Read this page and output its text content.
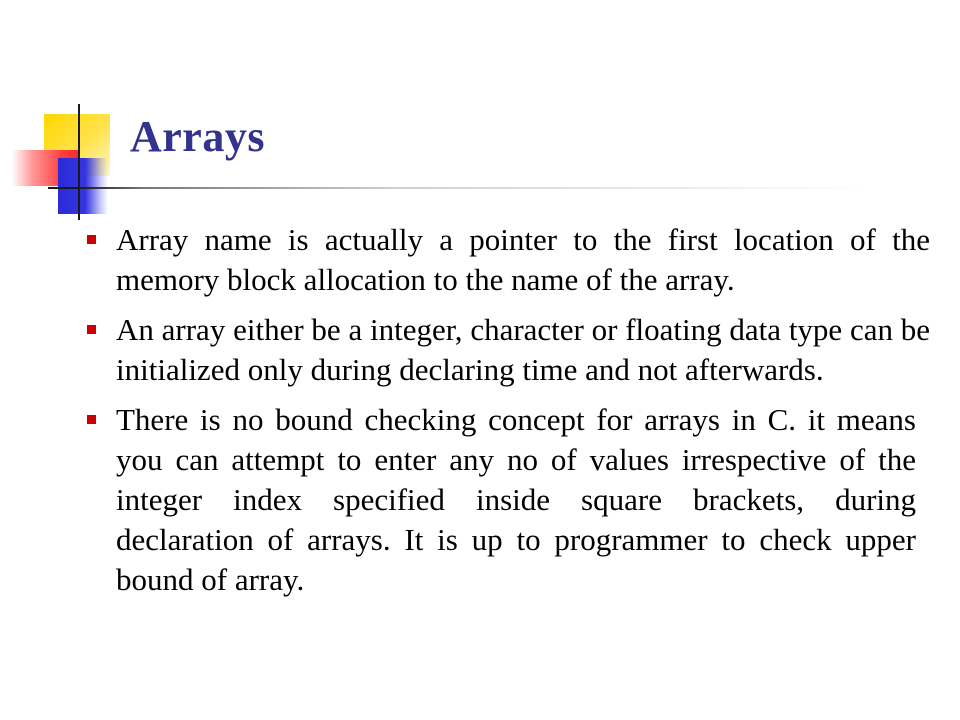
Arrays
Array name is actually a pointer to the first location of the memory block allocation to the name of the array.
An array either be a integer, character or floating data type can be initialized only during declaring time and not afterwards.
There is no bound checking concept for arrays in C. it means you can attempt to enter any no of values irrespective of the integer index specified inside square brackets, during declaration of arrays. It is up to programmer to check upper bound of array.
